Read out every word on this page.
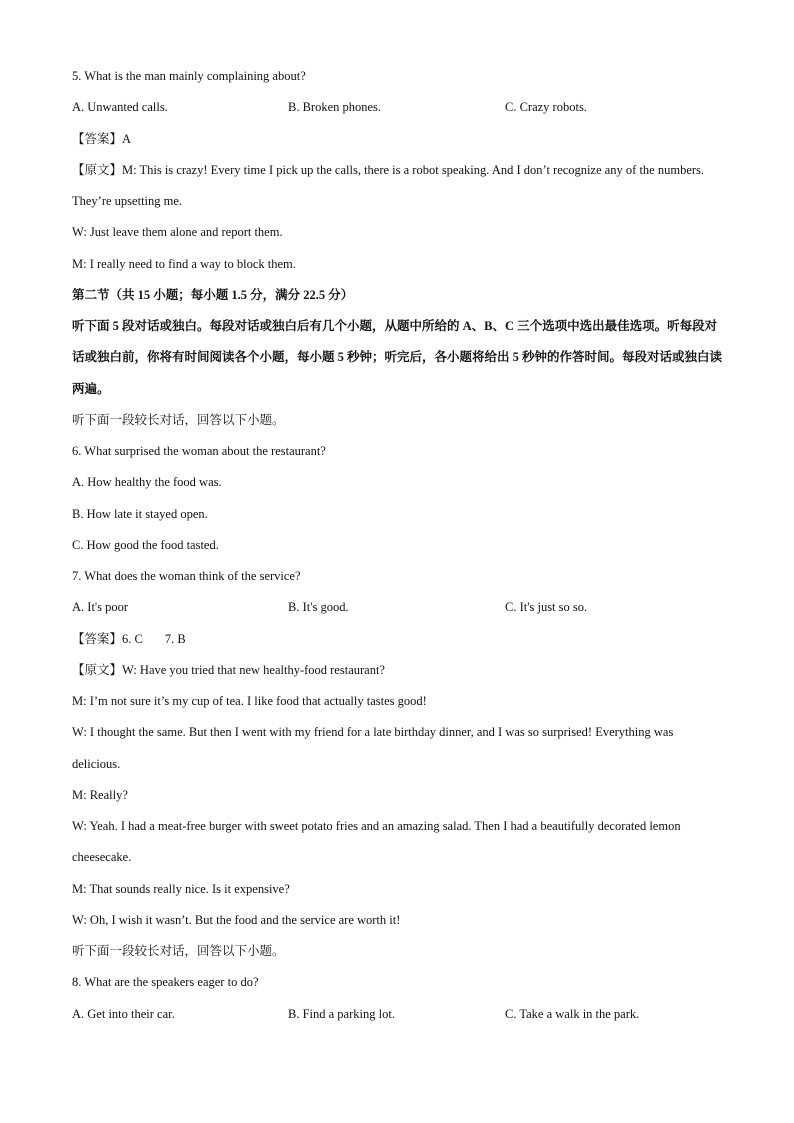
5. What is the man mainly complaining about?
A. Unwanted calls.	B. Broken phones.	C. Crazy robots.
【答案】A
【原文】M: This is crazy! Every time I pick up the calls, there is a robot speaking. And I don’t recognize any of the numbers. They’re upsetting me.
W: Just leave them alone and report them.
M: I really need to find a way to block them.
第二节（共 15 小题；每小题 1.5 分，满分 22.5 分）
听下面 5 段对话或独白。每段对话或独白后有几个小题，从题中所给的 A、B、C 三个选项中选出最佳选项。听每段对话或独白前，你将有时间阅读各个小题，每小题 5 秒钟；听完后，各小题将给出 5 秒钟的作答时间。每段对话或独白读两遍。
听下面一段较长对话，回答以下小题。
6. What surprised the woman about the restaurant?
A. How healthy the food was.
B. How late it stayed open.
C. How good the food tasted.
7. What does the woman think of the service?
A. It's poor	B. It's good.	C. It's just so so.
【答案】6. C 7. B
【原文】W: Have you tried that new healthy-food restaurant?
M: I’m not sure it’s my cup of tea. I like food that actually tastes good!
W: I thought the same. But then I went with my friend for a late birthday dinner, and I was so surprised! Everything was delicious.
M: Really?
W: Yeah. I had a meat-free burger with sweet potato fries and an amazing salad. Then I had a beautifully decorated lemon cheesecake.
M: That sounds really nice. Is it expensive?
W: Oh, I wish it wasn’t. But the food and the service are worth it!
听下面一段较长对话，回答以下小题。
8. What are the speakers eager to do?
A. Get into their car.	B. Find a parking lot.	C. Take a walk in the park.
